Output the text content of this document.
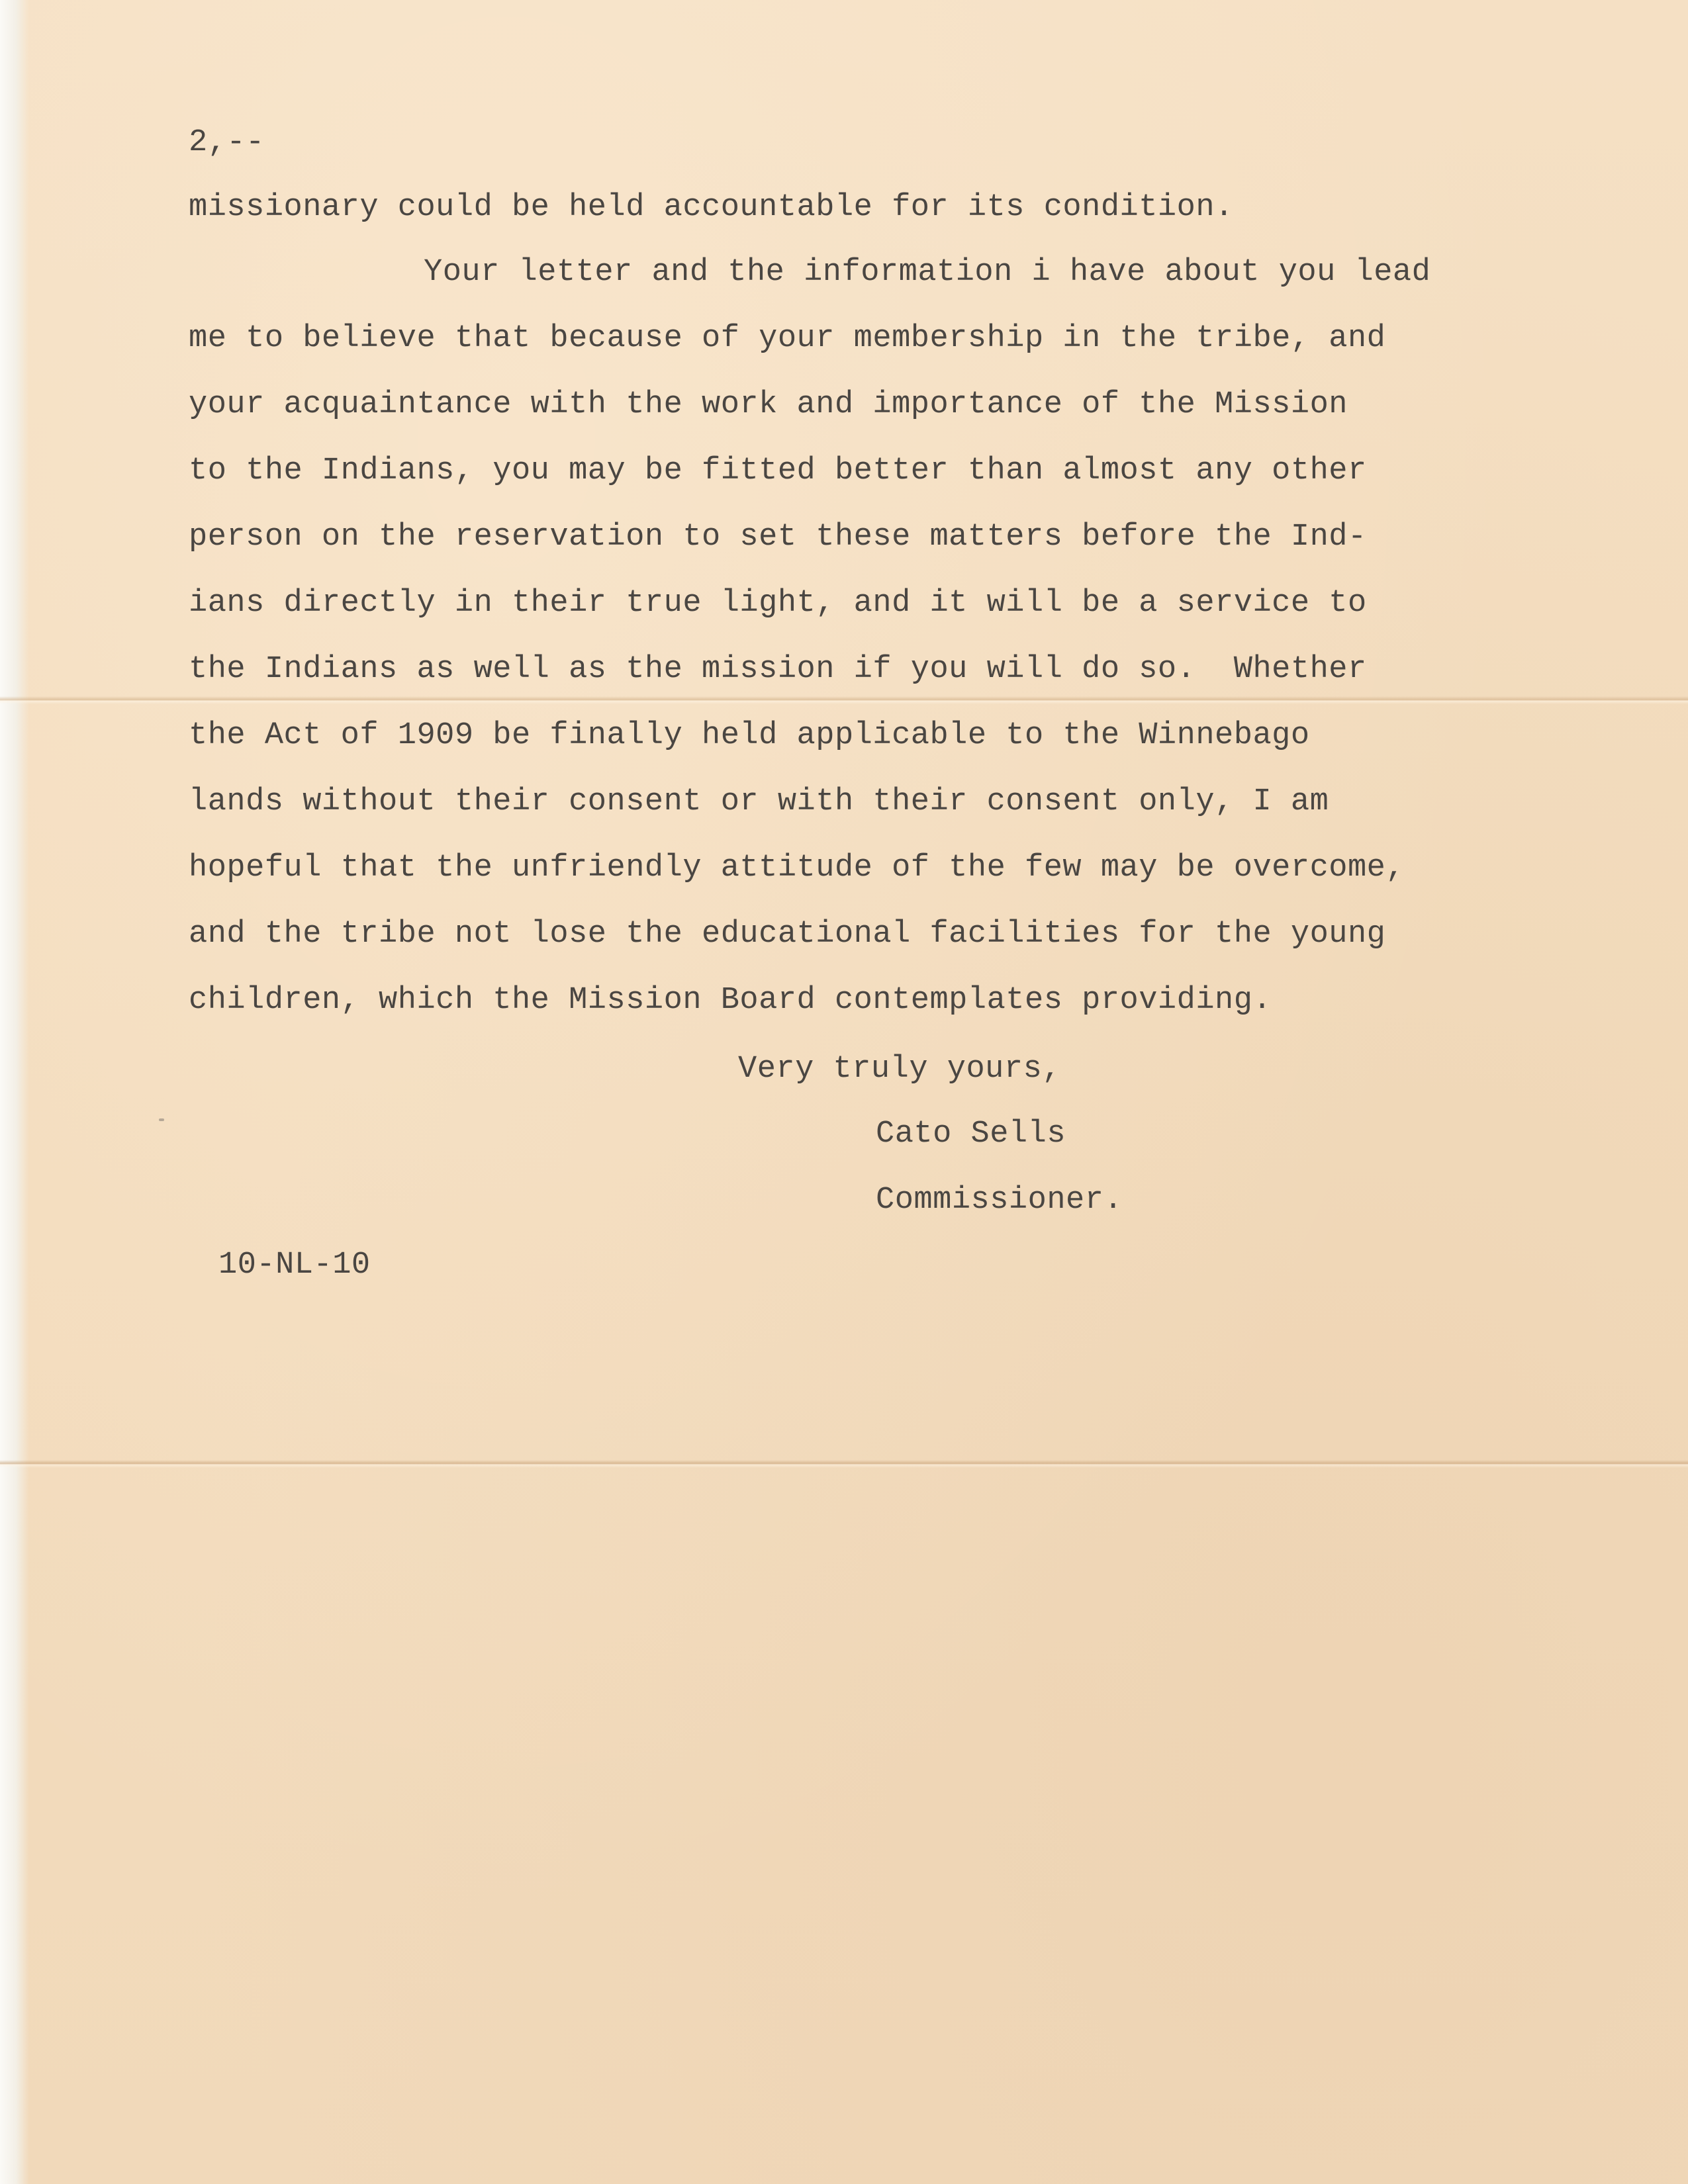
2,--
missionary could be held accountable for its condition.
Your letter and the information i have about you lead
me to believe that because of your membership in the tribe, and
your acquaintance with the work and importance of the Mission
to the Indians, you may be fitted better than almost any other
person on the reservation to set these matters before the Ind-
ians directly in their true light, and it will be a service to
the Indians as well as the mission if you will do so.  Whether
the Act of 1909 be finally held applicable to the Winnebago
lands without their consent or with their consent only, I am
hopeful that the unfriendly attitude of the few may be overcome,
and the tribe not lose the educational facilities for the young
children, which the Mission Board contemplates providing.
Very truly yours,
Cato Sells
Commissioner.
10-NL-10
